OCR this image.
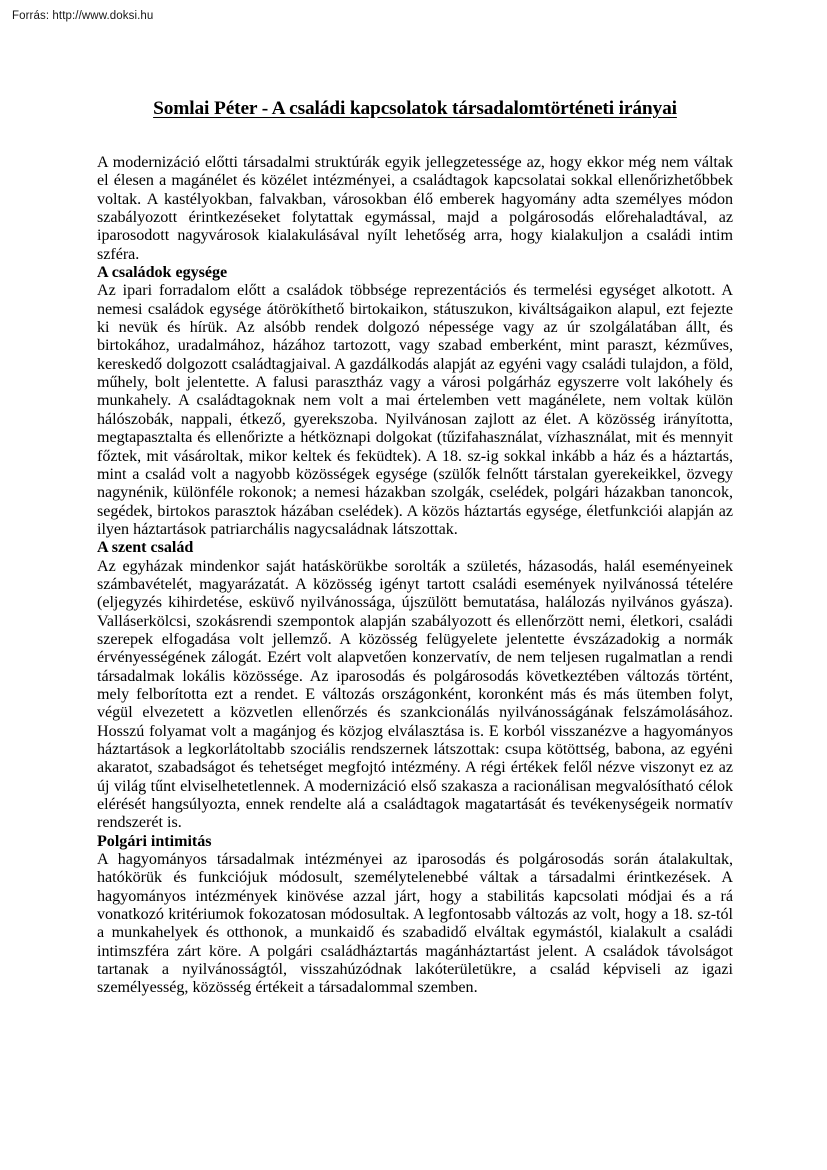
Forrás: http://www.doksi.hu
Somlai Péter - A családi kapcsolatok társadalomtörténeti irányai

A modernizáció előtti társadalmi struktúrák egyik jellegzetessége az, hogy ekkor még nem váltak el élesen a magánélet és közélet intézményei, a családtagok kapcsolatai sokkal ellenőrizhetőbbek voltak. A kastélyokban, falvakban, városokban élő emberek hagyomány adta személyes módon szabályozott érintkezéseket folytattak egymással, majd a polgárosodás előrehaladtával, az iparosodott nagyvárosok kialakulásával nyílt lehetőség arra, hogy kialakuljon a családi intim szféra.

A családok egysége

Az ipari forradalom előtt a családok többsége reprezentációs és termelési egységet alkotott. A nemesi családok egysége átörökíthető birtokaikon, státuszukon, kiváltságaikon alapul, ezt fejezte ki nevük és hírük. Az alsóbb rendek dolgozó népessége vagy az úr szolgálatában állt, és birtokához, uradalmához, házához tartozott, vagy szabad emberként, mint paraszt, kézműves, kereskedő dolgozott családtagjaival. A gazdálkodás alapját az egyéni vagy családi tulajdon, a föld, műhely, bolt jelentette. A falusi parasztház vagy a városi polgárház egyszerre volt lakóhely és munkahely. A családtagoknak nem volt a mai értelemben vett magánélete, nem voltak külön hálószobák, nappali, étkező, gyerekszoba. Nyilvánosan zajlott az élet. A közösség irányította, megtapasztalta és ellenőrizte a hétköznapi dolgokat (tűzifahasználat, vízhasználat, mit és mennyit főztek, mit vásároltak, mikor keltek és feküdtek). A 18. sz-ig sokkal inkább a ház és a háztartás, mint a család volt a nagyobb közösségek egysége (szülők felnőtt társtalan gyerekeikkel, özvegy nagynénik, különféle rokonok; a nemesi házakban szolgák, cselédek, polgári házakban tanoncok, segédek, birtokos parasztok házában cselédek). A közös háztartás egysége, életfunkciói alapján az ilyen háztartások patriarchális nagycsaládnak látszottak.

A szent család

Az egyházak mindenkor saját hatáskörükbe sorolták a születés, házasodás, halál eseményeinek számbavételét, magyarázatát. A közösség igényt tartott családi események nyilvánossá tételére (eljegyzés kihirdetése, esküvő nyilvánossága, újszülött bemutatása, halálozás nyilvános gyásza). Valláserkölcsi, szokásrendi szempontok alapján szabályozott és ellenőrzött nemi, életkori, családi szerepek elfogadása volt jellemző. A közösség felügyelete jelentette évszázadokig a normák érvényességének zálogát. Ezért volt alapvetően konzervatív, de nem teljesen rugalmatlan a rendi társadalmak lokális közössége. Az iparosodás és polgárosodás következtében változás történt, mely felborította ezt a rendet. E változás országonként, koronként más és más ütemben folyt, végül elvezetett a közvetlen ellenőrzés és szankcionálás nyilvánosságának felszámolásához. Hosszú folyamat volt a magánjog és közjog elválasztása is. E korból visszanézve a hagyományos háztartások a legkorlátoltabb szociális rendszernek látszottak: csupa kötöttség, babona, az egyéni akaratot, szabadságot és tehetséget megfojtó intézmény. A régi értékek felől nézve viszonyt ez az új világ tűnt elviselhetetlennek. A modernizáció első szakasza a racionálisan megvalósítható célok elérését hangsúlyozta, ennek rendelte alá a családtagok magatartását és tevékenységeik normatív rendszerét is.

Polgári intimitás

A hagyományos társadalmak intézményei az iparosodás és polgárosodás során átalakultak, hatókörük és funkciójuk módosult, személytelenebbé váltak a társadalmi érintkezések. A hagyományos intézmények kinövése azzal járt, hogy a stabilitás kapcsolati módjai és a rá vonatkozó kritériumok fokozatosan módosultak. A legfontosabb változás az volt, hogy a 18. sz-tól a munkahelyek és otthonok, a munkaidő és szabadidő elváltak egymástól, kialakult a családi intimszféra zárt köre. A polgári családháztartás magánháztartást jelent. A családok távolságot tartanak a nyilvánosságtól, visszahúzódnak lakóterületükre, a család képviseli az igazi személyesség, közösség értékeit a társadalommal szemben.
